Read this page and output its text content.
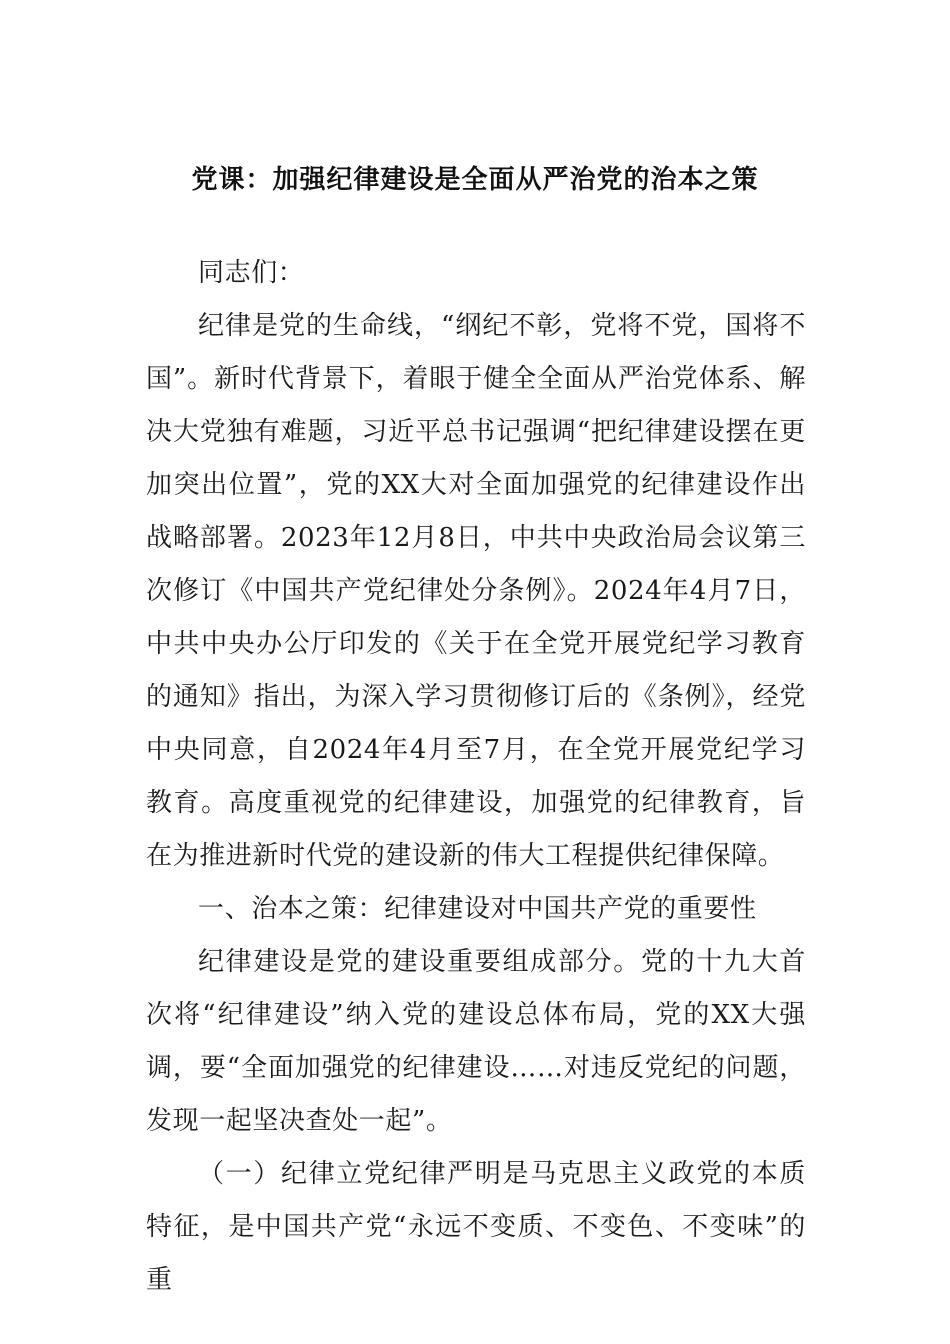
党课：加强纪律建设是全面从严治党的治本之策

同志们：

纪律是党的生命线，“纲纪不彰，党将不党，国将不国”。新时代背景下，着眼于健全全面从严治党体系、解决大党独有难题，习近平总书记强调“把纪律建设摆在更加突出位置”，党的XX大对全面加强党的纪律建设作出战略部署。2023年12月8日，中共中央政治局会议第三次修订《中国共产党纪律处分条例》。2024年4月7日，中共中央办公厅印发的《关于在全党开展党纪学习教育的通知》指出，为深入学习贯彻修订后的《条例》，经党中央同意，自2024年4月至7月，在全党开展党纪学习教育。高度重视党的纪律建设，加强党的纪律教育，旨在为推进新时代党的建设新的伟大工程提供纪律保障。

一、治本之策：纪律建设对中国共产党的重要性

纪律建设是党的建设重要组成部分。党的十九大首次将“纪律建设”纳入党的建设总体布局，党的XX大强调，要“全面加强党的纪律建设……对违反党纪的问题，发现一起坚决查处一起”。

（一）纪律立党纪律严明是马克思主义政党的本质特征，是中国共产党“永远不变质、不变色、不变味”的重
